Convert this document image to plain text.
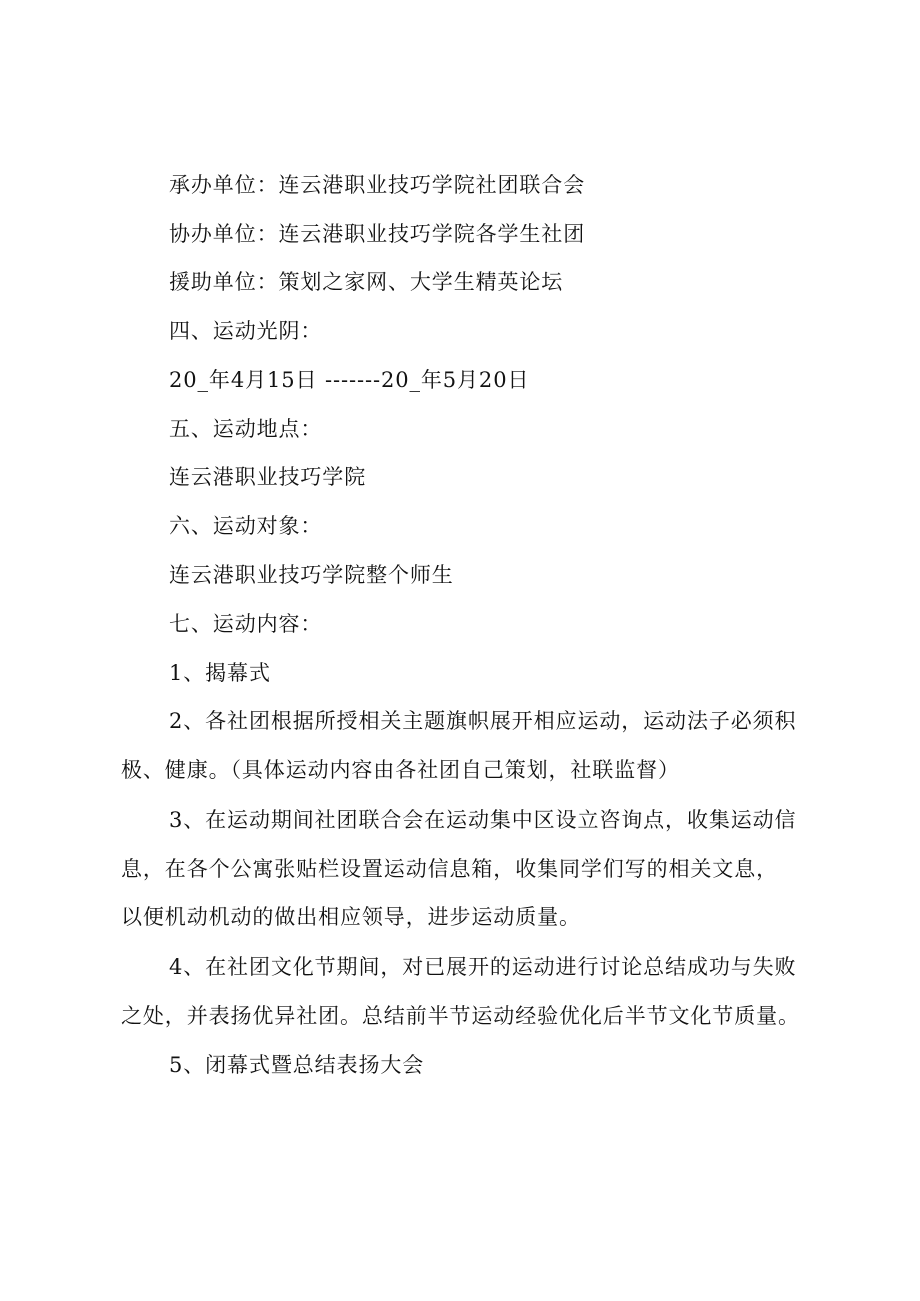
承办单位：连云港职业技巧学院社团联合会
协办单位：连云港职业技巧学院各学生社团
援助单位：策划之家网、大学生精英论坛
四、运动光阴：
20_年4月15日 -------20_年5月20日
五、运动地点：
连云港职业技巧学院
六、运动对象：
连云港职业技巧学院整个师生
七、运动内容：
1、揭幕式
2、各社团根据所授相关主题旗帜展开相应运动，运动法子必须积
极、健康。（具体运动内容由各社团自己策划，社联监督）
3、在运动期间社团联合会在运动集中区设立咨询点，收集运动信
息，在各个公寓张贴栏设置运动信息箱，收集同学们写的相关文息，
以便机动机动的做出相应领导，进步运动质量。
4、在社团文化节期间，对已展开的运动进行讨论总结成功与失败
之处，并表扬优异社团。总结前半节运动经验优化后半节文化节质量。
5、闭幕式暨总结表扬大会
